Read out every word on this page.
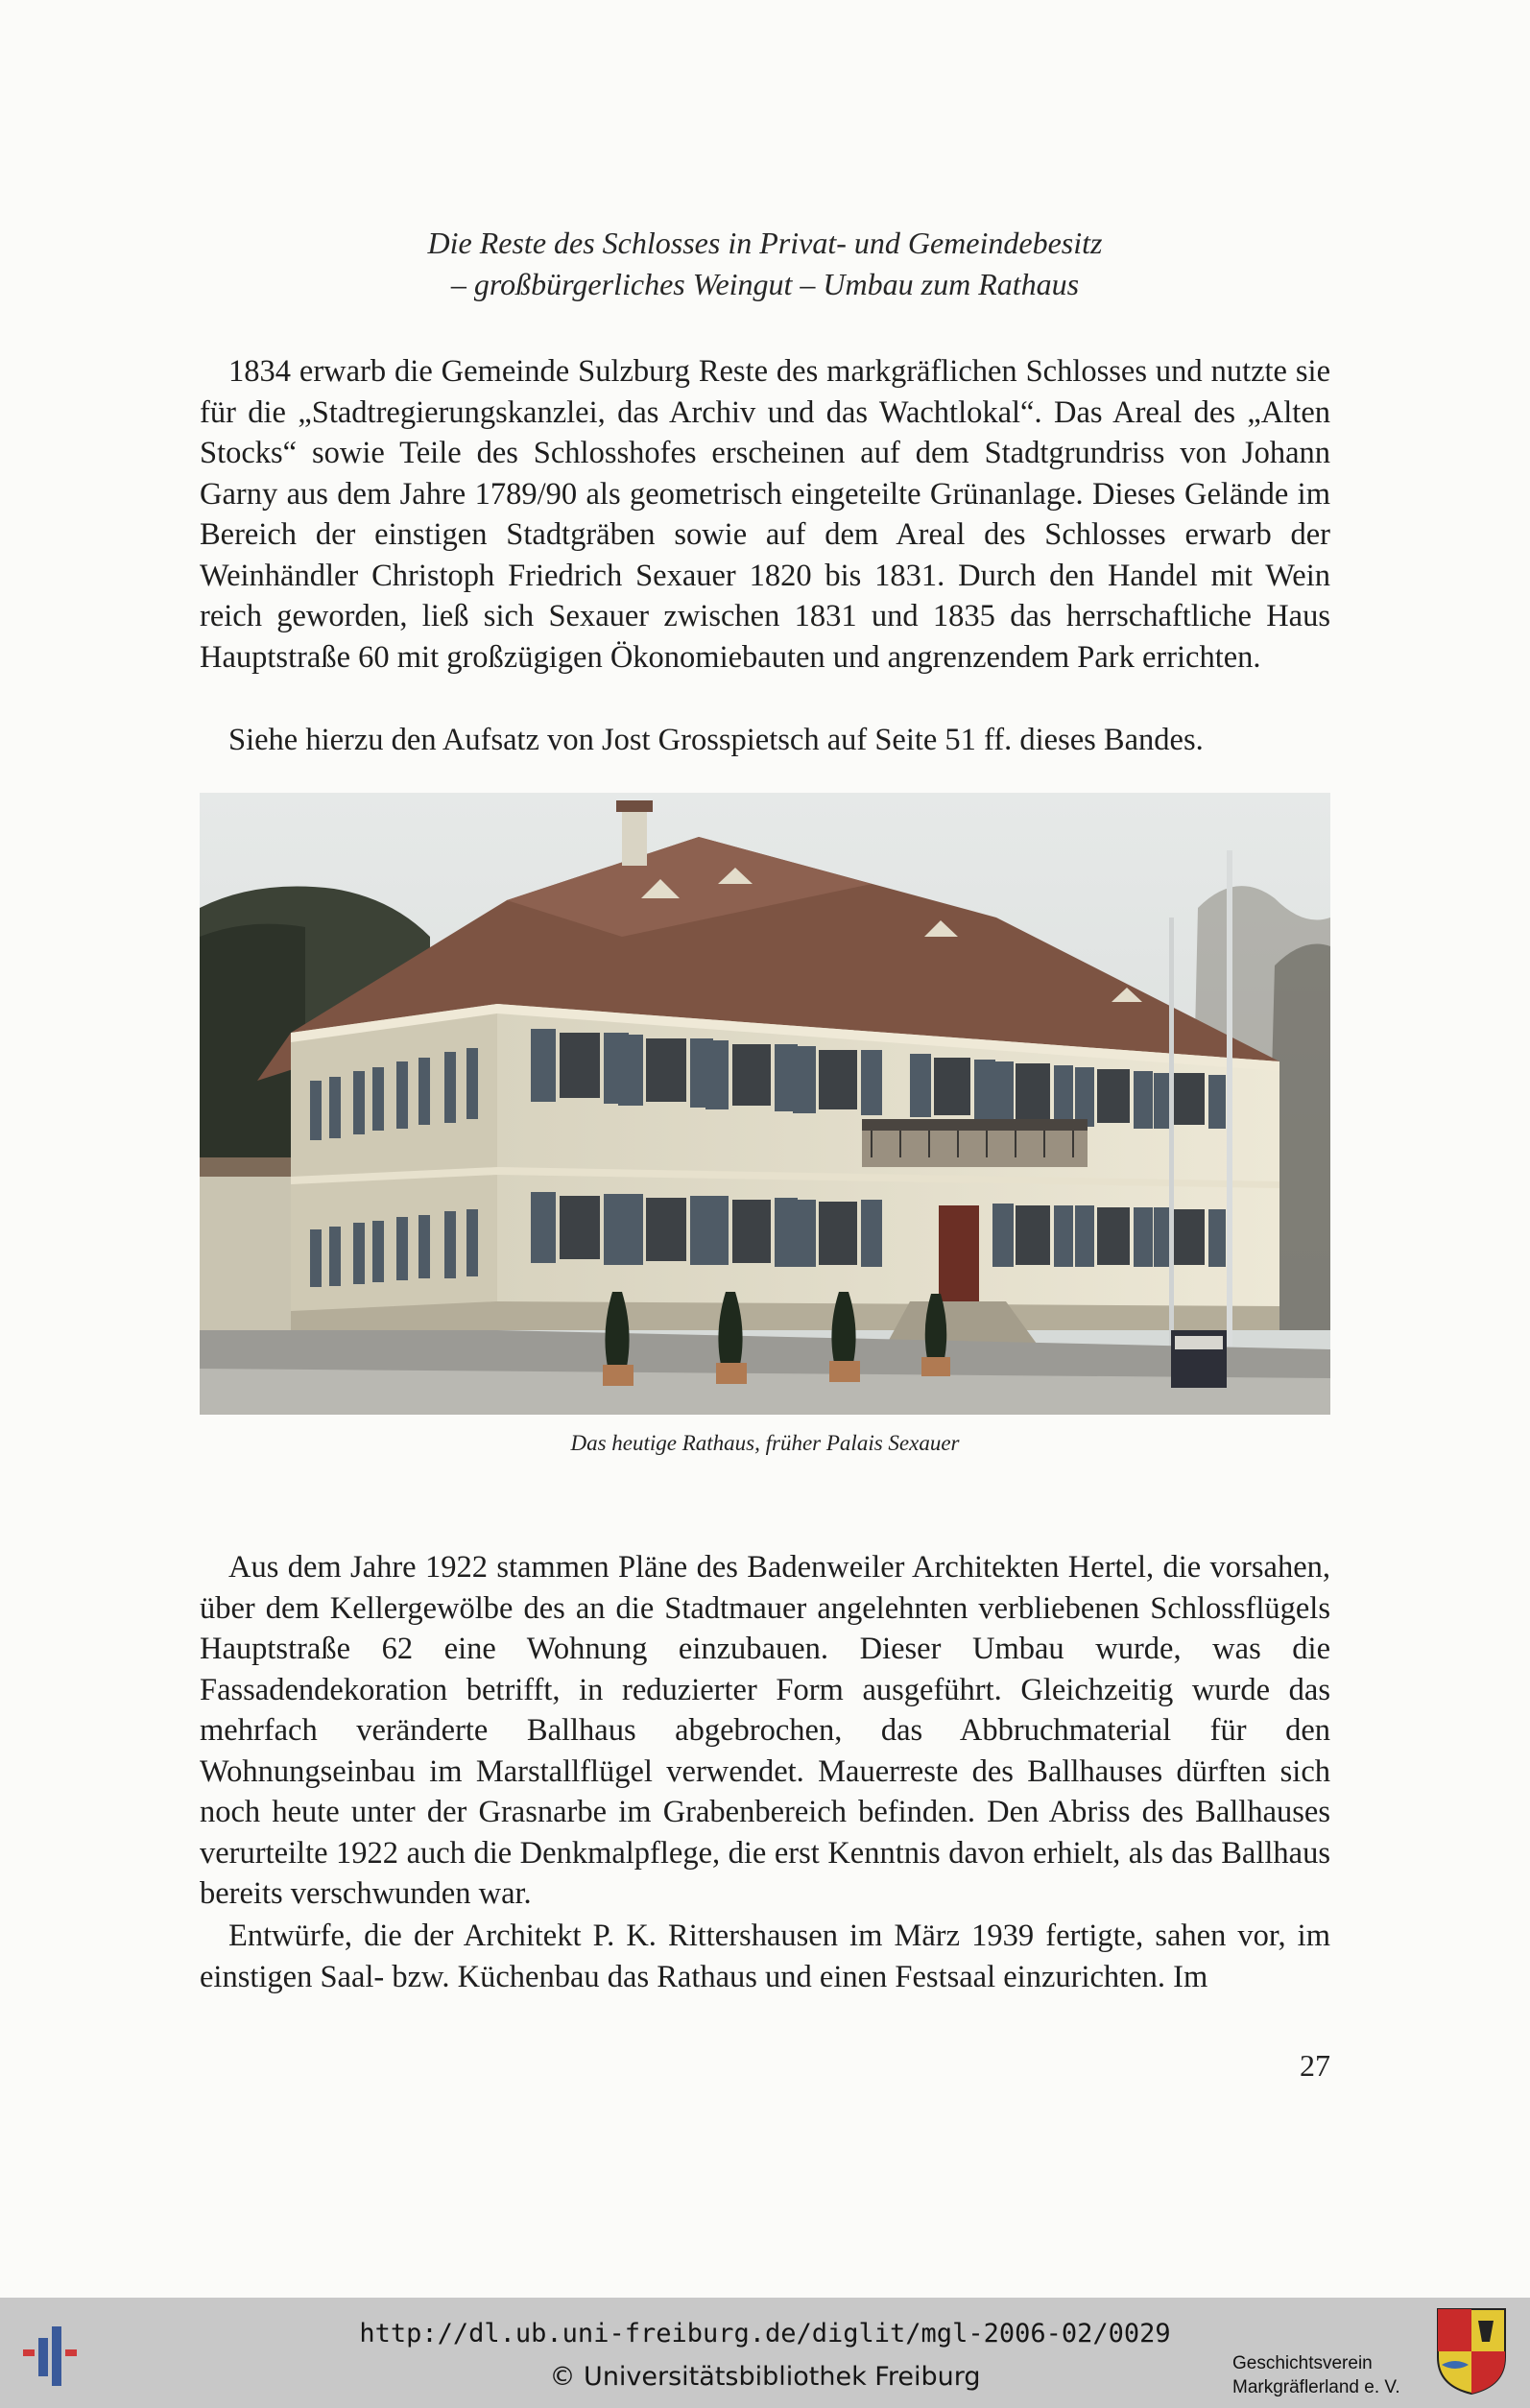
Die Reste des Schlosses in Privat- und Gemeindebesitz
– großbürgerliches Weingut – Umbau zum Rathaus
1834 erwarb die Gemeinde Sulzburg Reste des markgräflichen Schlosses und nutzte sie für die „Stadtregierungskanzlei, das Archiv und das Wachtlokal“. Das Areal des „Alten Stocks“ sowie Teile des Schlosshofes erscheinen auf dem Stadtgrundriss von Johann Garny aus dem Jahre 1789/90 als geometrisch eingeteilte Grünanlage. Dieses Gelände im Bereich der einstigen Stadtgräben sowie auf dem Areal des Schlosses erwarb der Weinhändler Christoph Friedrich Sexauer 1820 bis 1831. Durch den Handel mit Wein reich geworden, ließ sich Sexauer zwischen 1831 und 1835 das herrschaftliche Haus Hauptstraße 60 mit großzügigen Ökonomiebauten und angrenzendem Park errichten.
Siehe hierzu den Aufsatz von Jost Grosspietsch auf Seite 51 ff. dieses Bandes.
Das heutige Rathaus, früher Palais Sexauer
Aus dem Jahre 1922 stammen Pläne des Badenweiler Architekten Hertel, die vorsahen, über dem Kellergewölbe des an die Stadtmauer angelehnten verbliebenen Schlossflügels Hauptstraße 62 eine Wohnung einzubauen. Dieser Umbau wurde, was die Fassadendekoration betrifft, in reduzierter Form ausgeführt. Gleichzeitig wurde das mehrfach veränderte Ballhaus abgebrochen, das Abbruchmaterial für den Wohnungseinbau im Marstallflügel verwendet. Mauerreste des Ballhauses dürften sich noch heute unter der Grasnarbe im Grabenbereich befinden. Den Abriss des Ballhauses verurteilte 1922 auch die Denkmalpflege, die erst Kenntnis davon erhielt, als das Ballhaus bereits verschwunden war.
Entwürfe, die der Architekt P. K. Rittershausen im März 1939 fertigte, sahen vor, im einstigen Saal- bzw. Küchenbau das Rathaus und einen Festsaal einzurichten. Im
27
http://dl.ub.uni-freiburg.de/diglit/mgl-2006-02/0029
© Universitätsbibliothek Freiburg	Geschichtsverein
Markgräflerland e. V.
